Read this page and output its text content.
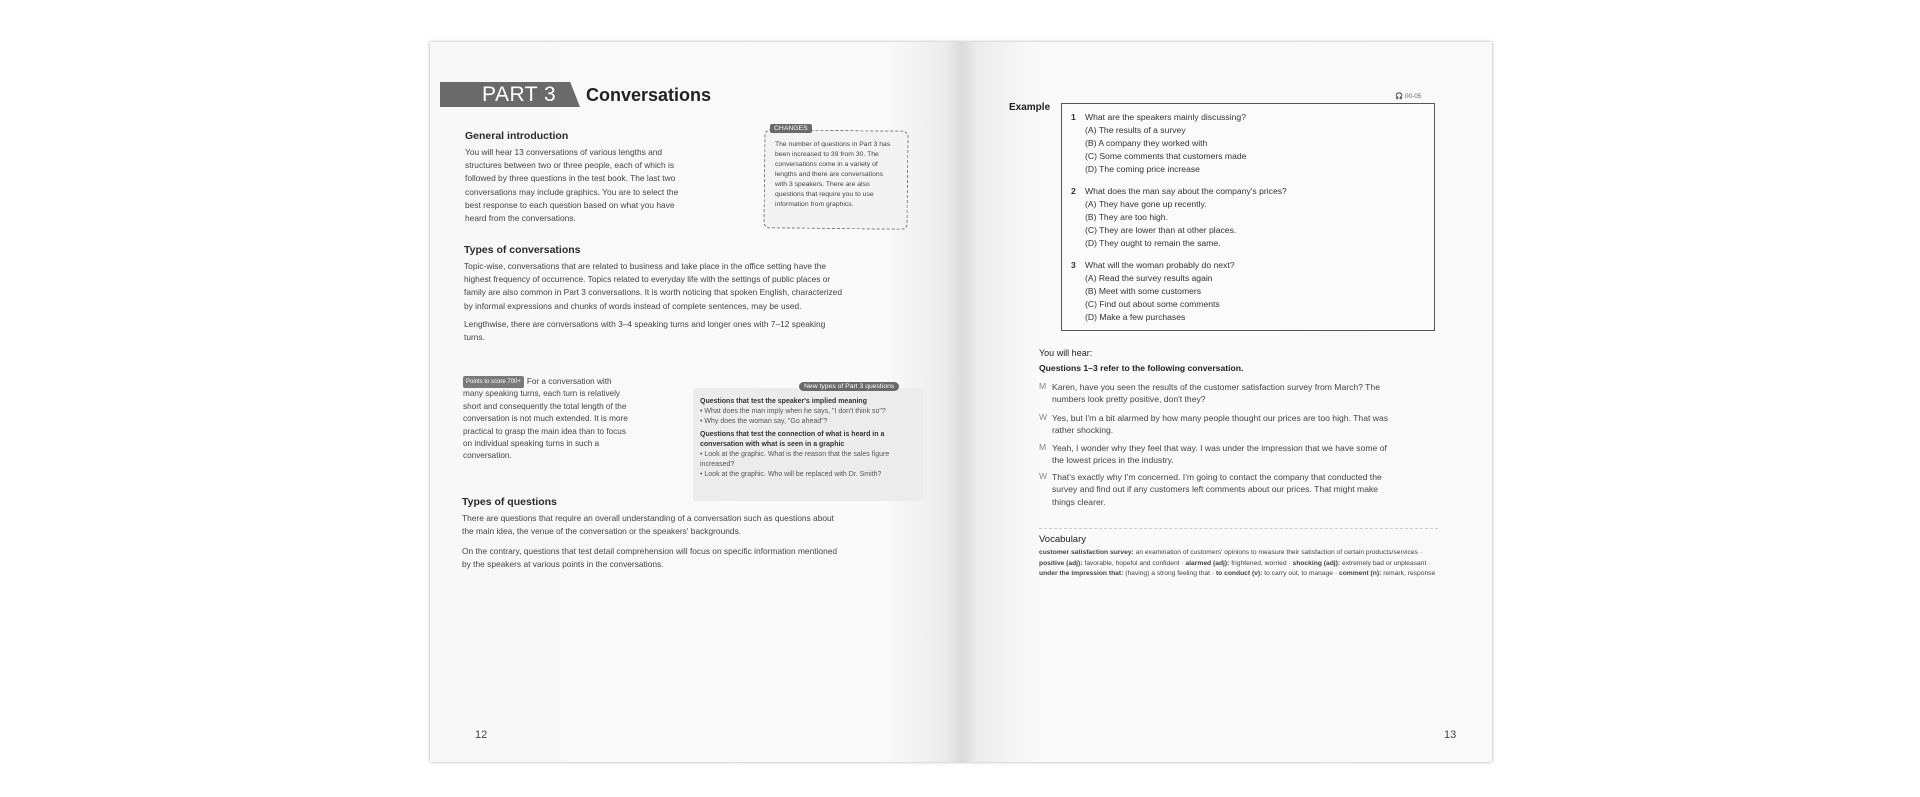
PART 3 Conversations
General introduction
You will hear 13 conversations of various lengths and
structures between two or three people, each of which is
followed by three questions in the test book. The last two
conversations may include graphics. You are to select the
best response to each question based on what you have
heard from the conversations.
CHANGES
The number of questions in Part 3 has
been increased to 39 from 30. The
conversations come in a variety of
lengths and there are conversations
with 3 speakers. There are also
questions that require you to use
information from graphics.
Types of conversations
Topic-wise, conversations that are related to business and take place in the office setting have the
highest frequency of occurrence. Topics related to everyday life with the settings of public places or
family are also common in Part 3 conversations. It is worth noticing that spoken English, characterized
by informal expressions and chunks of words instead of complete sentences, may be used.
Lengthwise, there are conversations with 3–4 speaking turns and longer ones with 7–12 speaking
turns.
Points to score 700+ For a conversation with
many speaking turns, each turn is relatively
short and consequently the total length of the
conversation is not much extended. It is more
practical to grasp the main idea than to focus
on individual speaking turns in such a
conversation.
New types of Part 3 questions
Questions that test the speaker's implied meaning
• What does the man imply when he says, "I don't think so"?
• Why does the woman say, "Go ahead"?
Questions that test the connection of what is heard in a
conversation with what is seen in a graphic
• Look at the graphic. What is the reason that the sales figure
increased?
• Look at the graphic. Who will be replaced with Dr. Smith?
Types of questions
There are questions that require an overall understanding of a conversation such as questions about
the main idea, the venue of the conversation or the speakers' backgrounds.
On the contrary, questions that test detail comprehension will focus on specific information mentioned
by the speakers at various points in the conversations.
12
🎧 00-05
Example
1 What are the speakers mainly discussing?
(A) The results of a survey
(B) A company they worked with
(C) Some comments that customers made
(D) The coming price increase
2 What does the man say about the company's prices?
(A) They have gone up recently.
(B) They are too high.
(C) They are lower than at other places.
(D) They ought to remain the same.
3 What will the woman probably do next?
(A) Read the survey results again
(B) Meet with some customers
(C) Find out about some comments
(D) Make a few purchases
You will hear:
Questions 1–3 refer to the following conversation.
M Karen, have you seen the results of the customer satisfaction survey from March? The
numbers look pretty positive, don't they?
W Yes, but I'm a bit alarmed by how many people thought our prices are too high. That was
rather shocking.
M Yeah, I wonder why they feel that way. I was under the impression that we have some of
the lowest prices in the industry.
W That's exactly why I'm concerned. I'm going to contact the company that conducted the
survey and find out if any customers left comments about our prices. That might make
things clearer.
Vocabulary
customer satisfaction survey: an examination of customers' opinions to measure their satisfaction of certain products/services · positive (adj): favorable, hopeful and confident · alarmed (adj): frightened, worried · shocking (adj): extremely bad or unpleasant · under the impression that: (having) a strong feeling that · to conduct (v): to carry out, to manage · comment (n): remark, response
13
